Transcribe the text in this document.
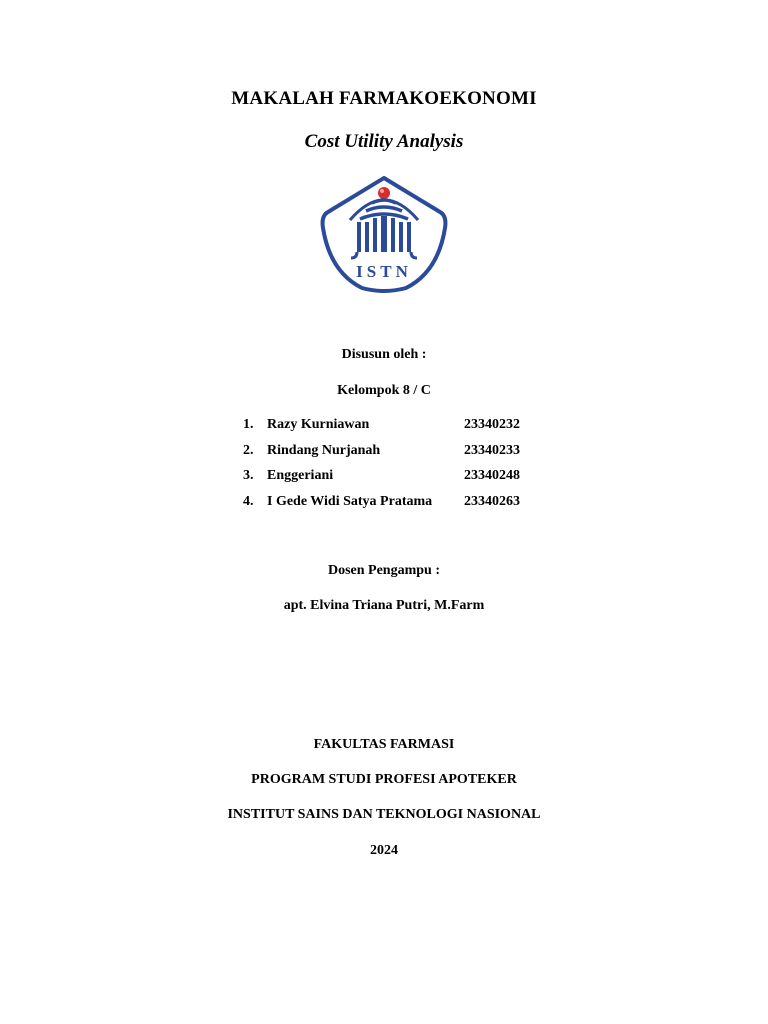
MAKALAH FARMAKOEKONOMI
Cost Utility Analysis
ISTN
Disusun oleh :
Kelompok 8 / C
1. Razy Kurniawan	23340232
2. Rindang Nurjanah	23340233
3. Enggeriani	23340248
4. I Gede Widi Satya Pratama 23340263
Dosen Pengampu :
apt. Elvina Triana Putri, M.Farm
FAKULTAS FARMASI
PROGRAM STUDI PROFESI APOTEKER
INSTITUT SAINS DAN TEKNOLOGI NASIONAL
2024
